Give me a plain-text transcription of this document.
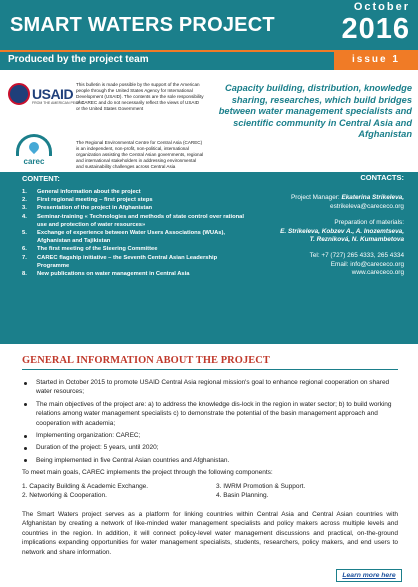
SMART WATERS PROJECT
October
2016
Produced by the project team	issue 1
USAID
FROM THE AMERICAN PEOPLE
This bulletin is made possible by the support of the American people through the United States Agency for International Development (USAID). The contents are the sole responsibility of CAREC and do not necessarily reflect the views of USAID or the United States Government
carec
The Regional Environmental Centre for Central Asia (CAREC) is an independent, non-profit, non-political, international organization assisting the Central Asian governments, regional and international stakeholders in addressing environmental and sustainability challenges across Central Asia
Capacity building, distribution, knowledge sharing, researches, which build bridges between water management specialists and scientific community in Central Asia and Afghanistan
CONTENT:
1. General information about the project
2. First regional meeting – first project steps
3. Presentation of the project in Afghanistan
4. Seminar-training « Technologies and methods of state control over rational use and protection of water resources»
5. Exchange of experience between Water Users Associations (WUAs), Afghanistan and Tajikistan
6. The first meeting of the Steering Committee
7. CAREC flagship initiative – the Seventh Central Asian Leadership Programme
8. New publications on water management in Central Asia
CONTACTS:
Project Manager: Ekaterina Strikeleva,
estrikeleva@carececo.org
Preparation of materials:
E. Strikeleva, Kobzev A., A. Inozemtseva,
T. Rezniková, N. Kumambetova
Tel: +7 (727) 265 4333, 265 4334
Email: info@carececo.org
www.carececo.org
GENERAL INFORMATION ABOUT THE PROJECT
Started in October 2015 to promote USAID Central Asia regional mission's goal to enhance regional cooperation on shared water resources;
The main objectives of the project are: a) to address the knowledge dis-lock in the region in water sector; b) to build working relations among water management specialists c) to demonstrate the potential of the basin management approach and cooperation with academia;
Implementing organization: CAREC;
Duration of the project: 5 years, until 2020;
Being implemented in five Central Asian countries and Afghanistan.
To meet main goals, CAREC implements the project through the following components:
1. Capacity Building & Academic Exchange.
2. Networking & Cooperation.
3. IWRM Promotion & Support.
4. Basin Planning.
The Smart Waters project serves as a platform for linking countries within Central Asia and Central Asian countries with Afghanistan by creating a network of like-minded water management specialists and policy makers across multiple levels and countries in the region. In addition, it will connect policy-level water management discussions and practical, on-the-ground implications expanding opportunities for water management specialists, students, researchers, policy makers, and end users to network and share information.
Learn more here
